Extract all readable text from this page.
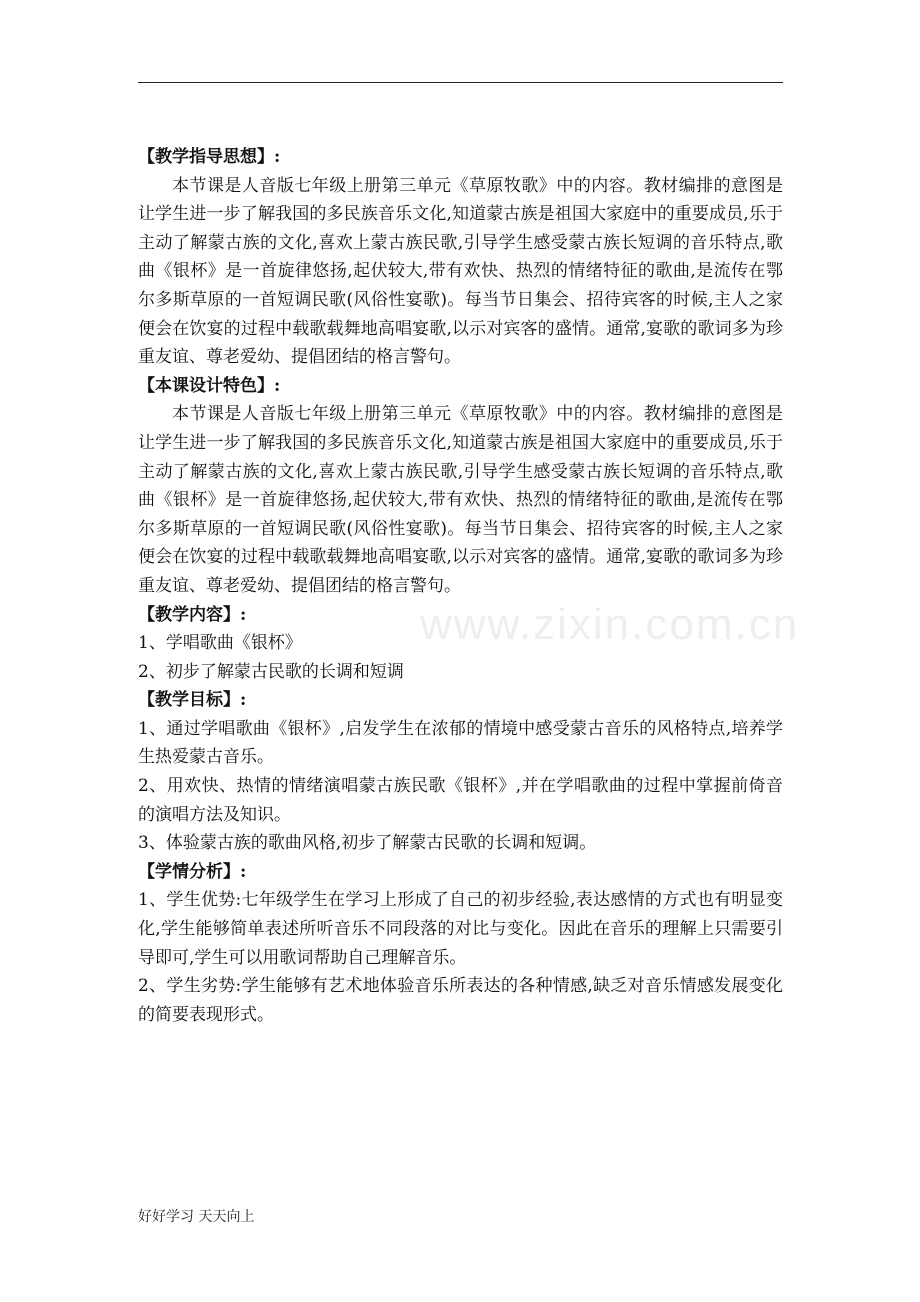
【教学指导思想】:

本节课是人音版七年级上册第三单元《草原牧歌》中的内容。教材编排的意图是让学生进一步了解我国的多民族音乐文化,知道蒙古族是祖国大家庭中的重要成员,乐于主动了解蒙古族的文化,喜欢上蒙古族民歌,引导学生感受蒙古族长短调的音乐特点,歌曲《银杯》是一首旋律悠扬,起伏较大,带有欢快、热烈的情绪特征的歌曲,是流传在鄂尔多斯草原的一首短调民歌(风俗性宴歌)。每当节日集会、招待宾客的时候,主人之家便会在饮宴的过程中载歌载舞地高唱宴歌,以示对宾客的盛情。通常,宴歌的歌词多为珍重友谊、尊老爱幼、提倡团结的格言警句。

【本课设计特色】:

本节课是人音版七年级上册第三单元《草原牧歌》中的内容。教材编排的意图是让学生进一步了解我国的多民族音乐文化,知道蒙古族是祖国大家庭中的重要成员,乐于主动了解蒙古族的文化,喜欢上蒙古族民歌,引导学生感受蒙古族长短调的音乐特点,歌曲《银杯》是一首旋律悠扬,起伏较大,带有欢快、热烈的情绪特征的歌曲,是流传在鄂尔多斯草原的一首短调民歌(风俗性宴歌)。每当节日集会、招待宾客的时候,主人之家便会在饮宴的过程中载歌载舞地高唱宴歌,以示对宾客的盛情。通常,宴歌的歌词多为珍重友谊、尊老爱幼、提倡团结的格言警句。

【教学内容】:

1、学唱歌曲《银杯》

2、初步了解蒙古民歌的长调和短调

【教学目标】:

1、通过学唱歌曲《银杯》,启发学生在浓郁的情境中感受蒙古音乐的风格特点,培养学生热爱蒙古音乐。

2、用欢快、热情的情绪演唱蒙古族民歌《银杯》,并在学唱歌曲的过程中掌握前倚音的演唱方法及知识。

3、体验蒙古族的歌曲风格,初步了解蒙古民歌的长调和短调。

【学情分析】:

1、学生优势:七年级学生在学习上形成了自己的初步经验,表达感情的方式也有明显变化,学生能够简单表述所听音乐不同段落的对比与变化。因此在音乐的理解上只需要引导即可,学生可以用歌词帮助自己理解音乐。

2、学生劣势:学生能够有艺术地体验音乐所表达的各种情感,缺乏对音乐情感发展变化的简要表现形式。

www.zixin.com.cn
好好学习 天天向上
